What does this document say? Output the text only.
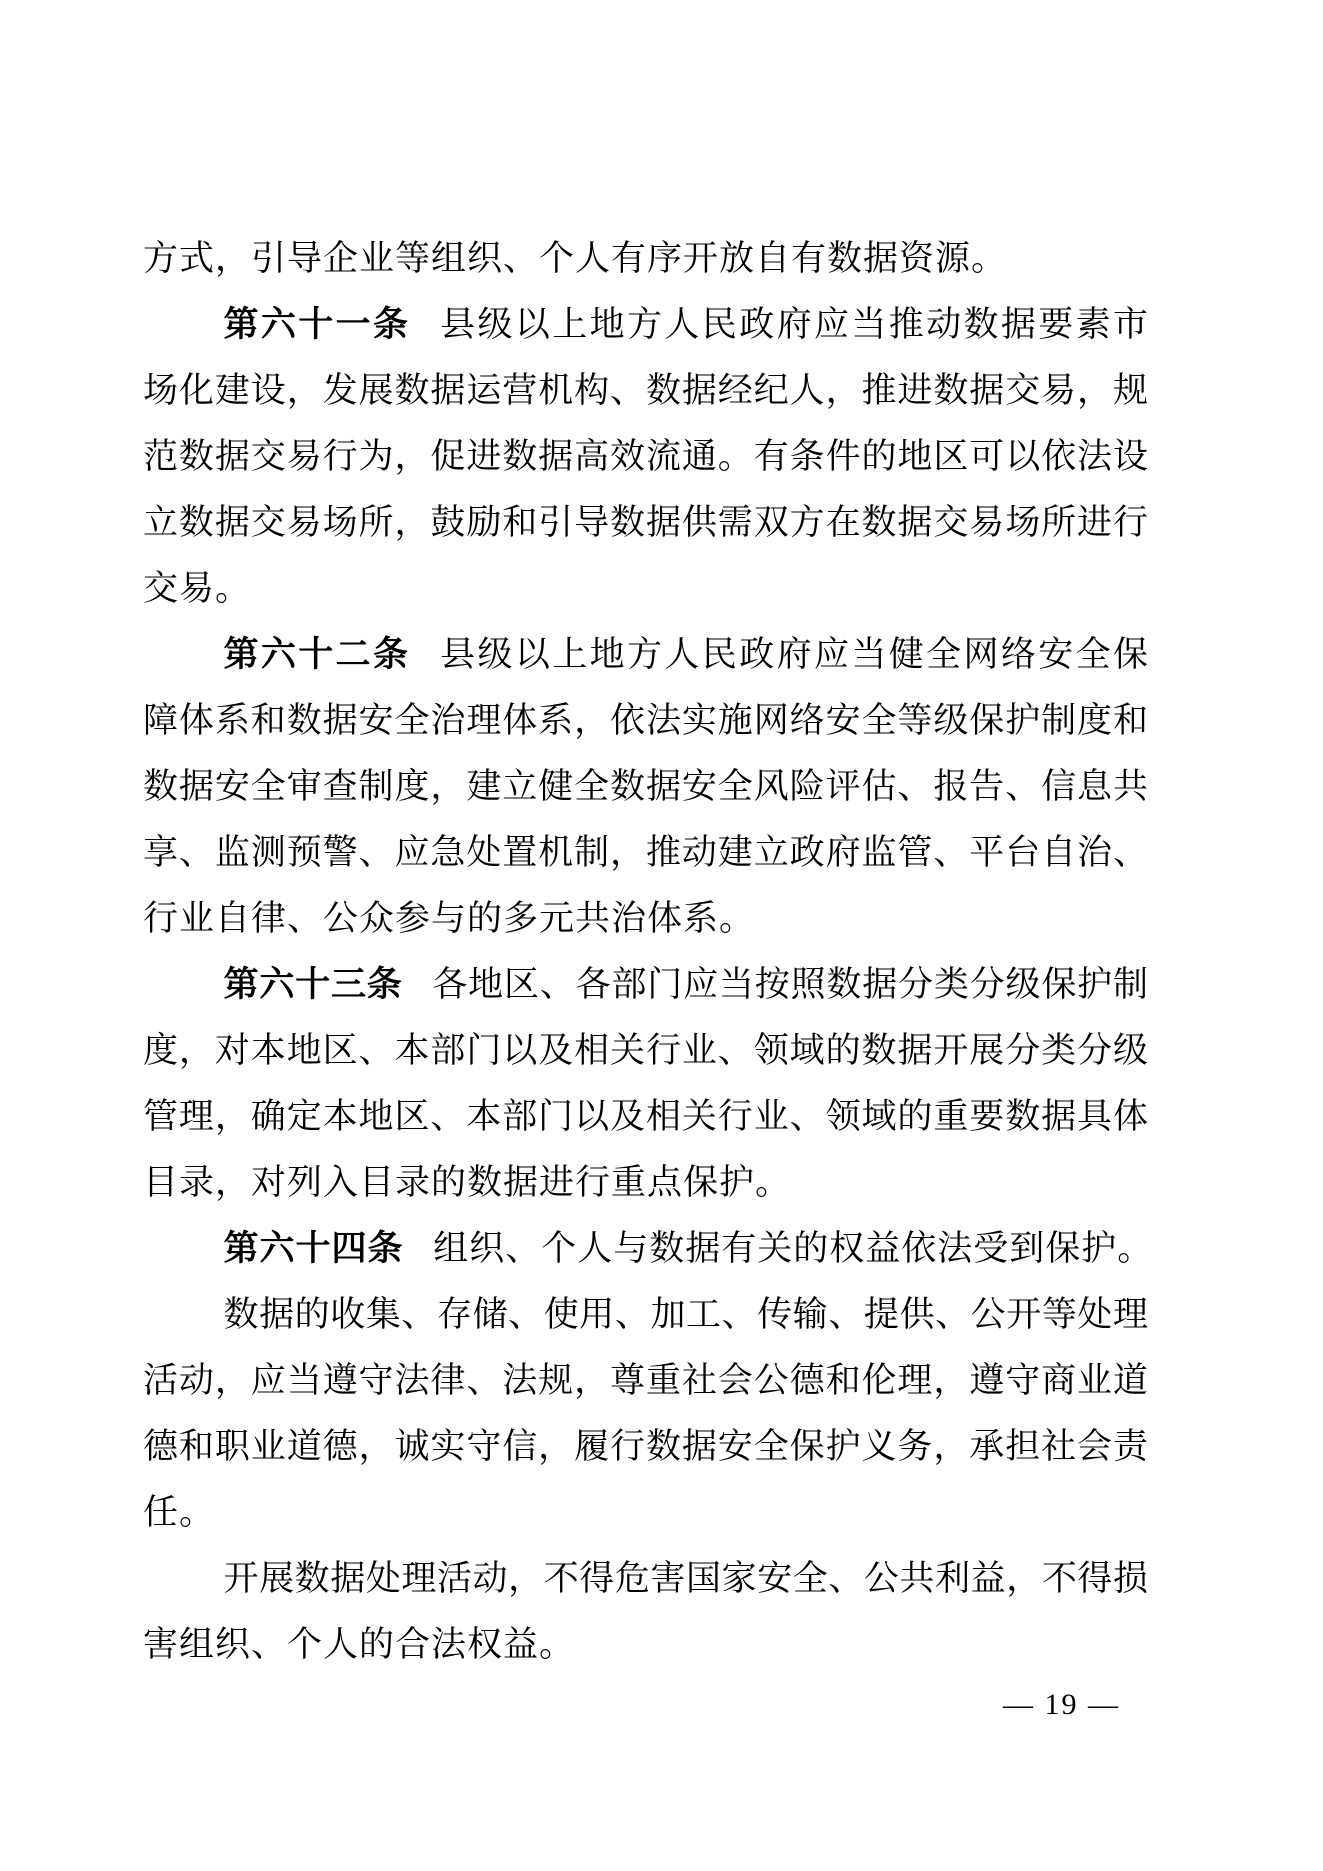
方式，引导企业等组织、个人有序开放自有数据资源。
第六十一条 县级以上地方人民政府应当推动数据要素市
场化建设，发展数据运营机构、数据经纪人，推进数据交易，规
范数据交易行为，促进数据高效流通。有条件的地区可以依法设
立数据交易场所，鼓励和引导数据供需双方在数据交易场所进行
交易。
第六十二条 县级以上地方人民政府应当健全网络安全保
障体系和数据安全治理体系，依法实施网络安全等级保护制度和
数据安全审查制度，建立健全数据安全风险评估、报告、信息共
享、监测预警、应急处置机制，推动建立政府监管、平台自治、
行业自律、公众参与的多元共治体系。
第六十三条 各地区、各部门应当按照数据分类分级保护制
度，对本地区、本部门以及相关行业、领域的数据开展分类分级
管理，确定本地区、本部门以及相关行业、领域的重要数据具体
目录，对列入目录的数据进行重点保护。
第六十四条 组织、个人与数据有关的权益依法受到保护。
数据的收集、存储、使用、加工、传输、提供、公开等处理
活动，应当遵守法律、法规，尊重社会公德和伦理，遵守商业道
德和职业道德，诚实守信，履行数据安全保护义务，承担社会责
任。
开展数据处理活动，不得危害国家安全、公共利益，不得损
害组织、个人的合法权益。
— 19 —
